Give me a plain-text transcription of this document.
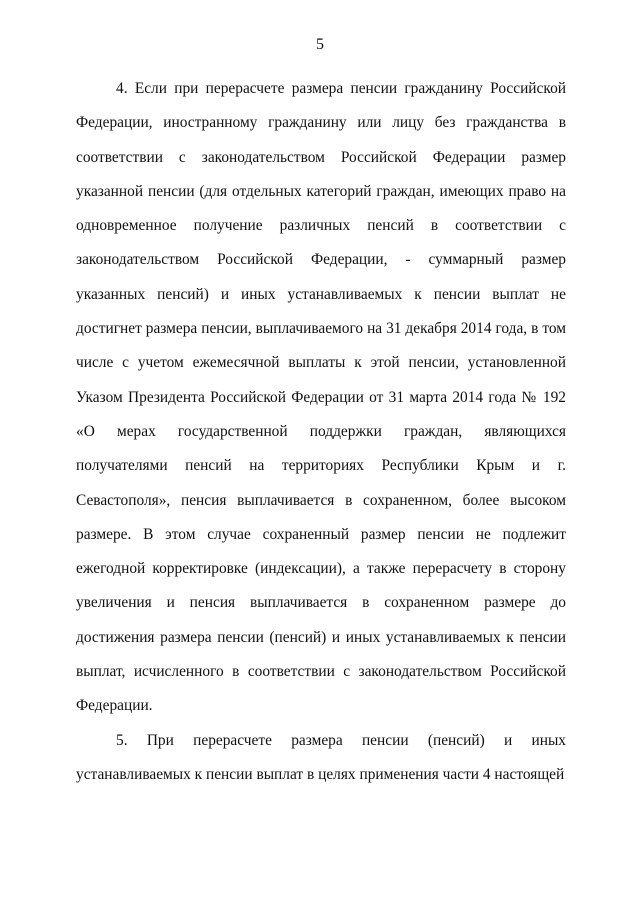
5

4. Если при перерасчете размера пенсии гражданину Российской Федерации, иностранному гражданину или лицу без гражданства в соответствии с законодательством Российской Федерации размер указанной пенсии (для отдельных категорий граждан, имеющих право на одновременное получение различных пенсий в соответствии с законодательством Российской Федерации, - суммарный размер указанных пенсий) и иных устанавливаемых к пенсии выплат не достигнет размера пенсии, выплачиваемого на 31 декабря 2014 года, в том числе с учетом ежемесячной выплаты к этой пенсии, установленной Указом Президента Российской Федерации от 31 марта 2014 года № 192 «О мерах государственной поддержки граждан, являющихся получателями пенсий на территориях Республики Крым и г. Севастополя», пенсия выплачивается в сохраненном, более высоком размере. В этом случае сохраненный размер пенсии не подлежит ежегодной корректировке (индексации), а также перерасчету в сторону увеличения и пенсия выплачивается в сохраненном размере до достижения размера пенсии (пенсий) и иных устанавливаемых к пенсии выплат, исчисленного в соответствии с законодательством Российской Федерации.

5. При перерасчете размера пенсии (пенсий) и иных устанавливаемых к пенсии выплат в целях применения части 4 настоящей
